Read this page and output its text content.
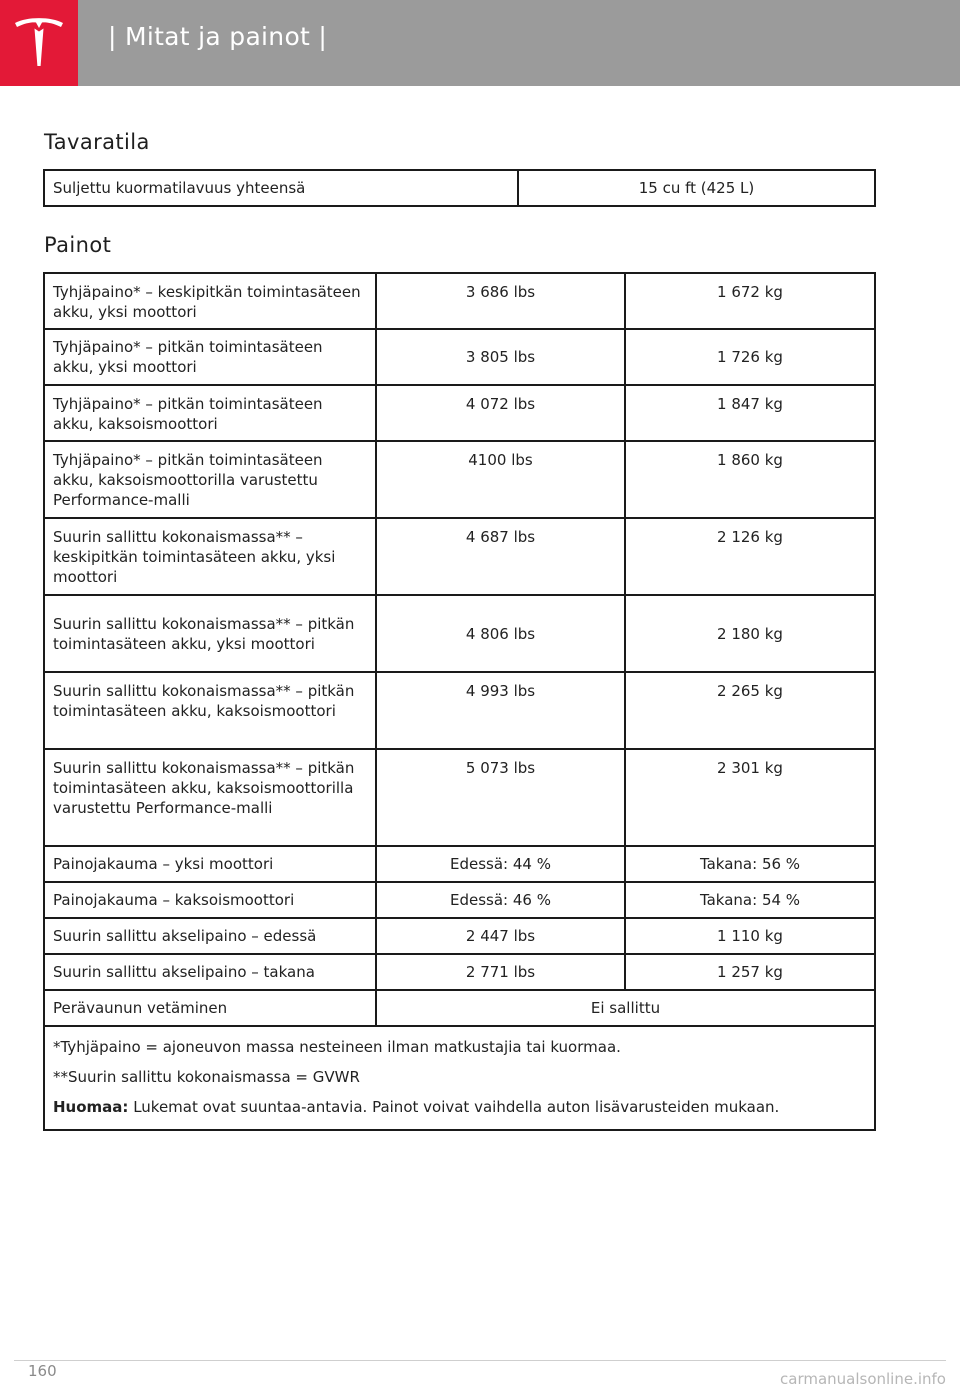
| Mitat ja painot |
Tavaratila
Suljettu kuormatilavuus yhteensä	15 cu ft (425 L)
Painot
Tyhjäpaino* – keskipitkän toimintasäteen akku, yksi moottori	3 686 lbs	1 672 kg
Tyhjäpaino* – pitkän toimintasäteen akku, yksi moottori	3 805 lbs	1 726 kg
Tyhjäpaino* – pitkän toimintasäteen akku, kaksoismoottori	4 072 lbs	1 847 kg
Tyhjäpaino* – pitkän toimintasäteen akku, kaksoismoottorilla varustettu Performance-malli	4100 lbs	1 860 kg
Suurin sallittu kokonaismassa** – keskipitkän toimintasäteen akku, yksi moottori	4 687 lbs	2 126 kg
Suurin sallittu kokonaismassa** – pitkän toimintasäteen akku, yksi moottori	4 806 lbs	2 180 kg
Suurin sallittu kokonaismassa** – pitkän toimintasäteen akku, kaksoismoottori	4 993 lbs	2 265 kg
Suurin sallittu kokonaismassa** – pitkän toimintasäteen akku, kaksoismoottorilla varustettu Performance-malli	5 073 lbs	2 301 kg
Painojakauma – yksi moottori	Edessä: 44 %	Takana: 56 %
Painojakauma – kaksoismoottori	Edessä: 46 %	Takana: 54 %
Suurin sallittu akselipaino – edessä	2 447 lbs	1 110 kg
Suurin sallittu akselipaino – takana	2 771 lbs	1 257 kg
Perävaunun vetäminen	Ei sallittu	

*Tyhjäpaino = ajoneuvon massa nesteineen ilman matkustajia tai kuormaa.
**Suurin sallittu kokonaismassa = GVWR
Huomaa: Lukemat ovat suuntaa-antavia. Painot voivat vaihdella auton lisävarusteiden mukaan.		
160	carmanualsonline.info
